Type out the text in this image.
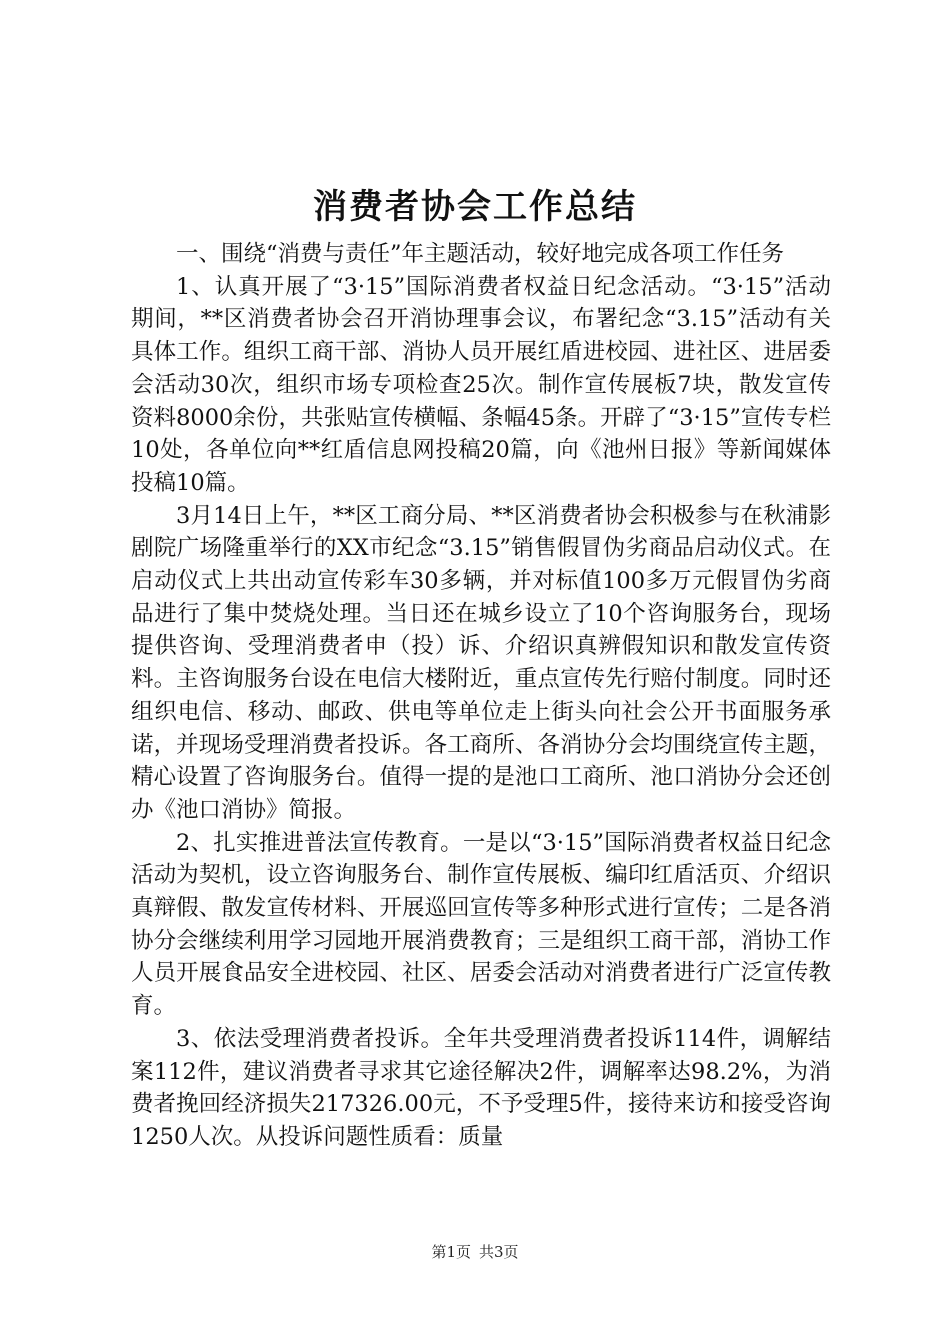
消费者协会工作总结

一、围绕“消费与责任”年主题活动，较好地完成各项工作任务

1、认真开展了“3·15”国际消费者权益日纪念活动。“3·15”活动期间，**区消费者协会召开消协理事会议，布署纪念“3.15”活动有关具体工作。组织工商干部、消协人员开展红盾进校园、进社区、进居委会活动30次，组织市场专项检查25次。制作宣传展板7块，散发宣传资料8000余份，共张贴宣传横幅、条幅45条。开辟了“3·15”宣传专栏10处，各单位向**红盾信息网投稿20篇，向《池州日报》等新闻媒体投稿10篇。

3月14日上午，**区工商分局、**区消费者协会积极参与在秋浦影剧院广场隆重举行的XX市纪念“3.15”销售假冒伪劣商品启动仪式。在启动仪式上共出动宣传彩车30多辆，并对标值100多万元假冒伪劣商品进行了集中焚烧处理。当日还在城乡设立了10个咨询服务台，现场提供咨询、受理消费者申（投）诉、介绍识真辨假知识和散发宣传资料。主咨询服务台设在电信大楼附近，重点宣传先行赔付制度。同时还组织电信、移动、邮政、供电等单位走上街头向社会公开书面服务承诺，并现场受理消费者投诉。各工商所、各消协分会均围绕宣传主题，精心设置了咨询服务台。值得一提的是池口工商所、池口消协分会还创办《池口消协》简报。

2、扎实推进普法宣传教育。一是以“3·15”国际消费者权益日纪念活动为契机，设立咨询服务台、制作宣传展板、编印红盾活页、介绍识真辩假、散发宣传材料、开展巡回宣传等多种形式进行宣传；二是各消协分会继续利用学习园地开展消费教育；三是组织工商干部，消协工作人员开展食品安全进校园、社区、居委会活动对消费者进行广泛宣传教育。

3、依法受理消费者投诉。全年共受理消费者投诉114件，调解结案112件，建议消费者寻求其它途径解决2件，调解率达98.2%，为消费者挽回经济损失217326.00元，不予受理5件，接待来访和接受咨询1250人次。从投诉问题性质看：质量

第1页 共3页
